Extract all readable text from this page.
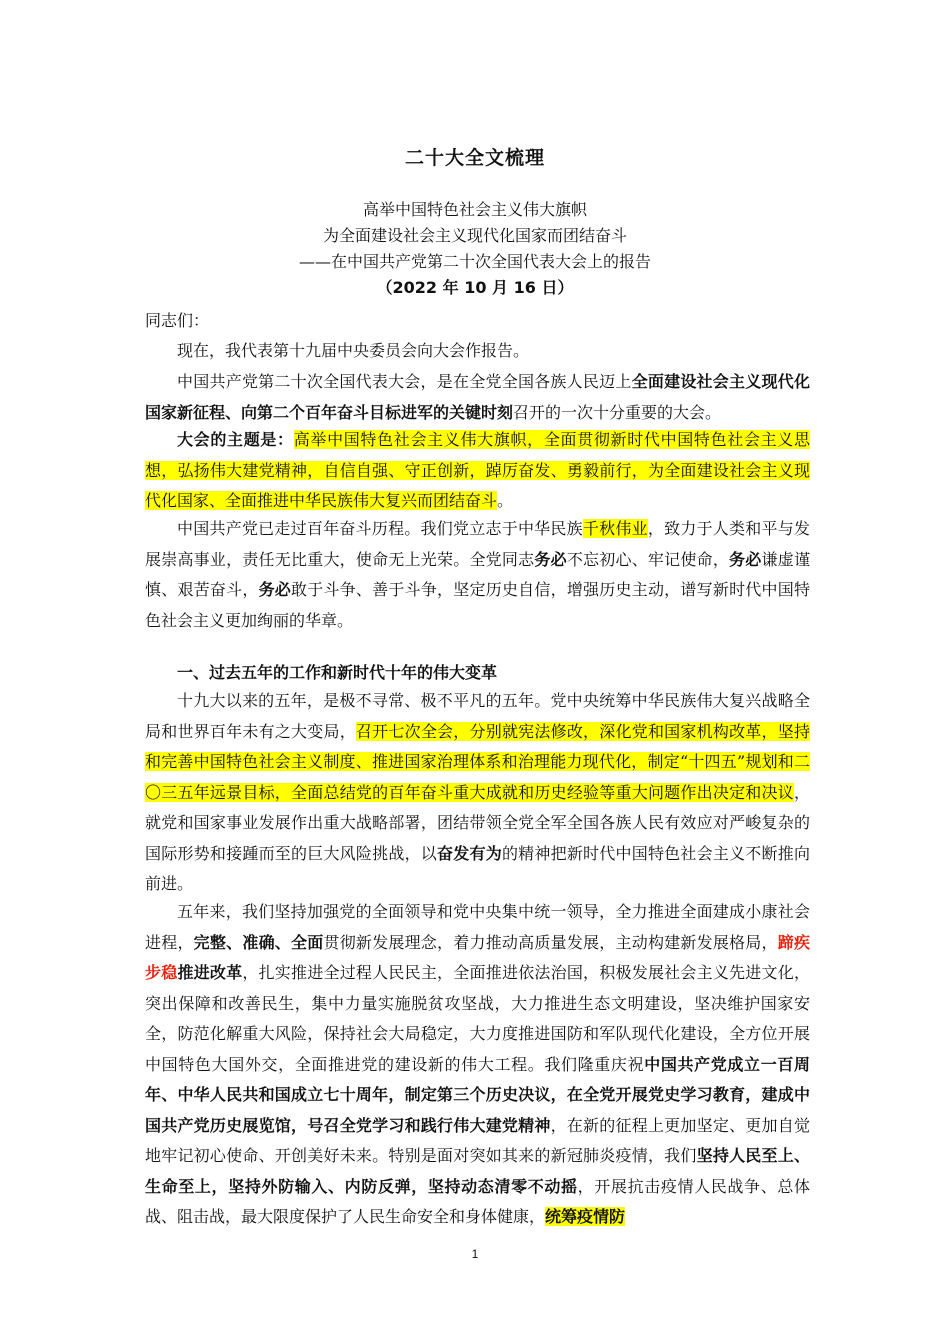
二十大全文梳理

高举中国特色社会主义伟大旗帜

为全面建设社会主义现代化国家而团结奋斗

——在中国共产党第二十次全国代表大会上的报告

（2022 年 10 月 16 日）

同志们：

现在，我代表第十九届中央委员会向大会作报告。

中国共产党第二十次全国代表大会，是在全党全国各族人民迈上全面建设社会主义现代化国家新征程、向第二个百年奋斗目标进军的关键时刻召开的一次十分重要的大会。

大会的主题是：高举中国特色社会主义伟大旗帜，全面贯彻新时代中国特色社会主义思想，弘扬伟大建党精神，自信自强、守正创新，踔厉奋发、勇毅前行，为全面建设社会主义现代化国家、全面推进中华民族伟大复兴而团结奋斗。

中国共产党已走过百年奋斗历程。我们党立志于中华民族千秋伟业，致力于人类和平与发展崇高事业，责任无比重大，使命无上光荣。全党同志务必不忘初心、牢记使命，务必谦虚谨慎、艰苦奋斗，务必敢于斗争、善于斗争，坚定历史自信，增强历史主动，谱写新时代中国特色社会主义更加绚丽的华章。

一、过去五年的工作和新时代十年的伟大变革

十九大以来的五年，是极不寻常、极不平凡的五年。党中央统筹中华民族伟大复兴战略全局和世界百年未有之大变局，召开七次全会，分别就宪法修改，深化党和国家机构改革，坚持和完善中国特色社会主义制度、推进国家治理体系和治理能力现代化，制定“十四五”规划和二〇三五年远景目标，全面总结党的百年奋斗重大成就和历史经验等重大问题作出决定和决议，就党和国家事业发展作出重大战略部署，团结带领全党全军全国各族人民有效应对严峻复杂的国际形势和接踵而至的巨大风险挑战，以奋发有为的精神把新时代中国特色社会主义不断推向前进。

五年来，我们坚持加强党的全面领导和党中央集中统一领导，全力推进全面建成小康社会进程，完整、准确、全面贯彻新发展理念，着力推动高质量发展，主动构建新发展格局，蹄疾步稳推进改革，扎实推进全过程人民民主，全面推进依法治国，积极发展社会主义先进文化，突出保障和改善民生，集中力量实施脱贫攻坚战，大力推进生态文明建设，坚决维护国家安全，防范化解重大风险，保持社会大局稳定，大力度推进国防和军队现代化建设，全方位开展中国特色大国外交，全面推进党的建设新的伟大工程。我们隆重庆祝中国共产党成立一百周年、中华人民共和国成立七十周年，制定第三个历史决议，在全党开展党史学习教育，建成中国共产党历史展览馆，号召全党学习和践行伟大建党精神，在新的征程上更加坚定、更加自觉地牢记初心使命、开创美好未来。特别是面对突如其来的新冠肺炎疫情，我们坚持人民至上、生命至上，坚持外防输入、内防反弹，坚持动态清零不动摇，开展抗击疫情人民战争、总体战、阻击战，最大限度保护了人民生命安全和身体健康，统筹疫情防

1
